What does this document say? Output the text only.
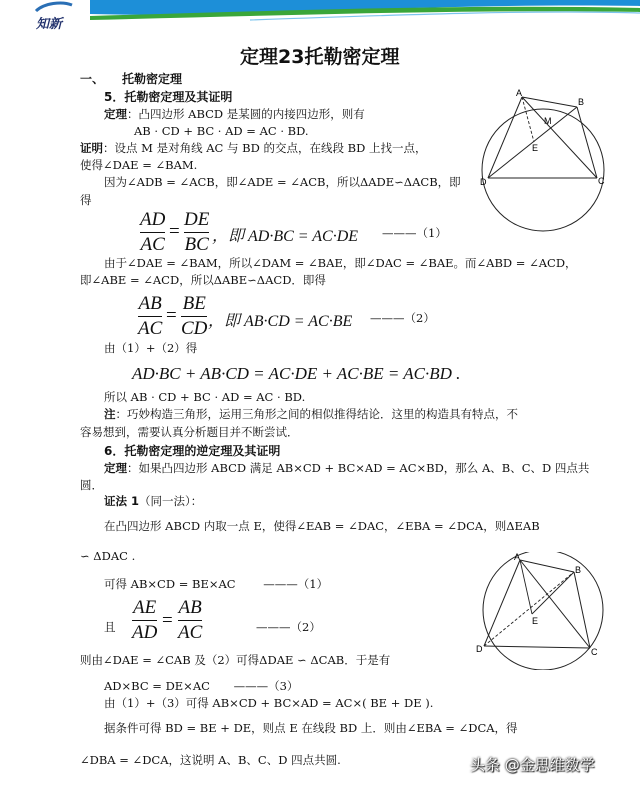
知新
定理23托勒密定理
一、 托勒密定理
5．托勒密定理及其证明
定理：凸四边形 ABCD 是某圆的内接四边形，则有
AB · CD + BC · AD = AC · BD.
证明：设点 M 是对角线 AC 与 BD 的交点，在线段 BD 上找一点，
使得∠DAE = ∠BAM.
因为∠ADB = ∠ACB，即∠ADE = ∠ACB，所以ΔADE∽ΔACB，即
得
A
B
C
D
M
E
AD
AC
=
DE
BC ，即 AD·BC = AC·DE ———（1）
由于∠DAE = ∠BAM，所以∠DAM = ∠BAE，即∠DAC = ∠BAE。而∠ABD = ∠ACD，
即∠ABE = ∠ACD，所以ΔABE∽ΔACD．即得
AB
AC
=
BE
CD ，即 AB·CD = AC·BE ———（2）
由（1）+（2）得
AD·BC + AB·CD = AC·DE + AC·BE = AC·BD .
所以 AB · CD + BC · AD = AC · BD.
注：巧妙构造三角形，运用三角形之间的相似推得结论．这里的构造具有特点，不
容易想到，需要认真分析题目并不断尝试．
6．托勒密定理的逆定理及其证明
定理：如果凸四边形 ABCD 满足 AB×CD + BC×AD = AC×BD，那么 A、B、C、D 四点共
圆．
证法 1（同一法）：
在凸四边形 ABCD 内取一点 E，使得∠EAB = ∠DAC，∠EBA = ∠DCA，则ΔEAB
∽ ΔDAC .
可得 AB×CD = BE×AC ———（1）
且
AE
AD
=
AB
AC	———（2）
则由∠DAE = ∠CAB 及（2）可得ΔDAE ∽ ΔCAB．于是有
AD×BC = DE×AC ———（3）
由（1）+（3）可得 AB×CD + BC×AD = AC×( BE + DE ).
据条件可得 BD = BE + DE，则点 E 在线段 BD 上．则由∠EBA = ∠DCA，得
∠DBA = ∠DCA，这说明 A、B、C、D 四点共圆.
A
B
C
D
E
头条 @金思维数学
